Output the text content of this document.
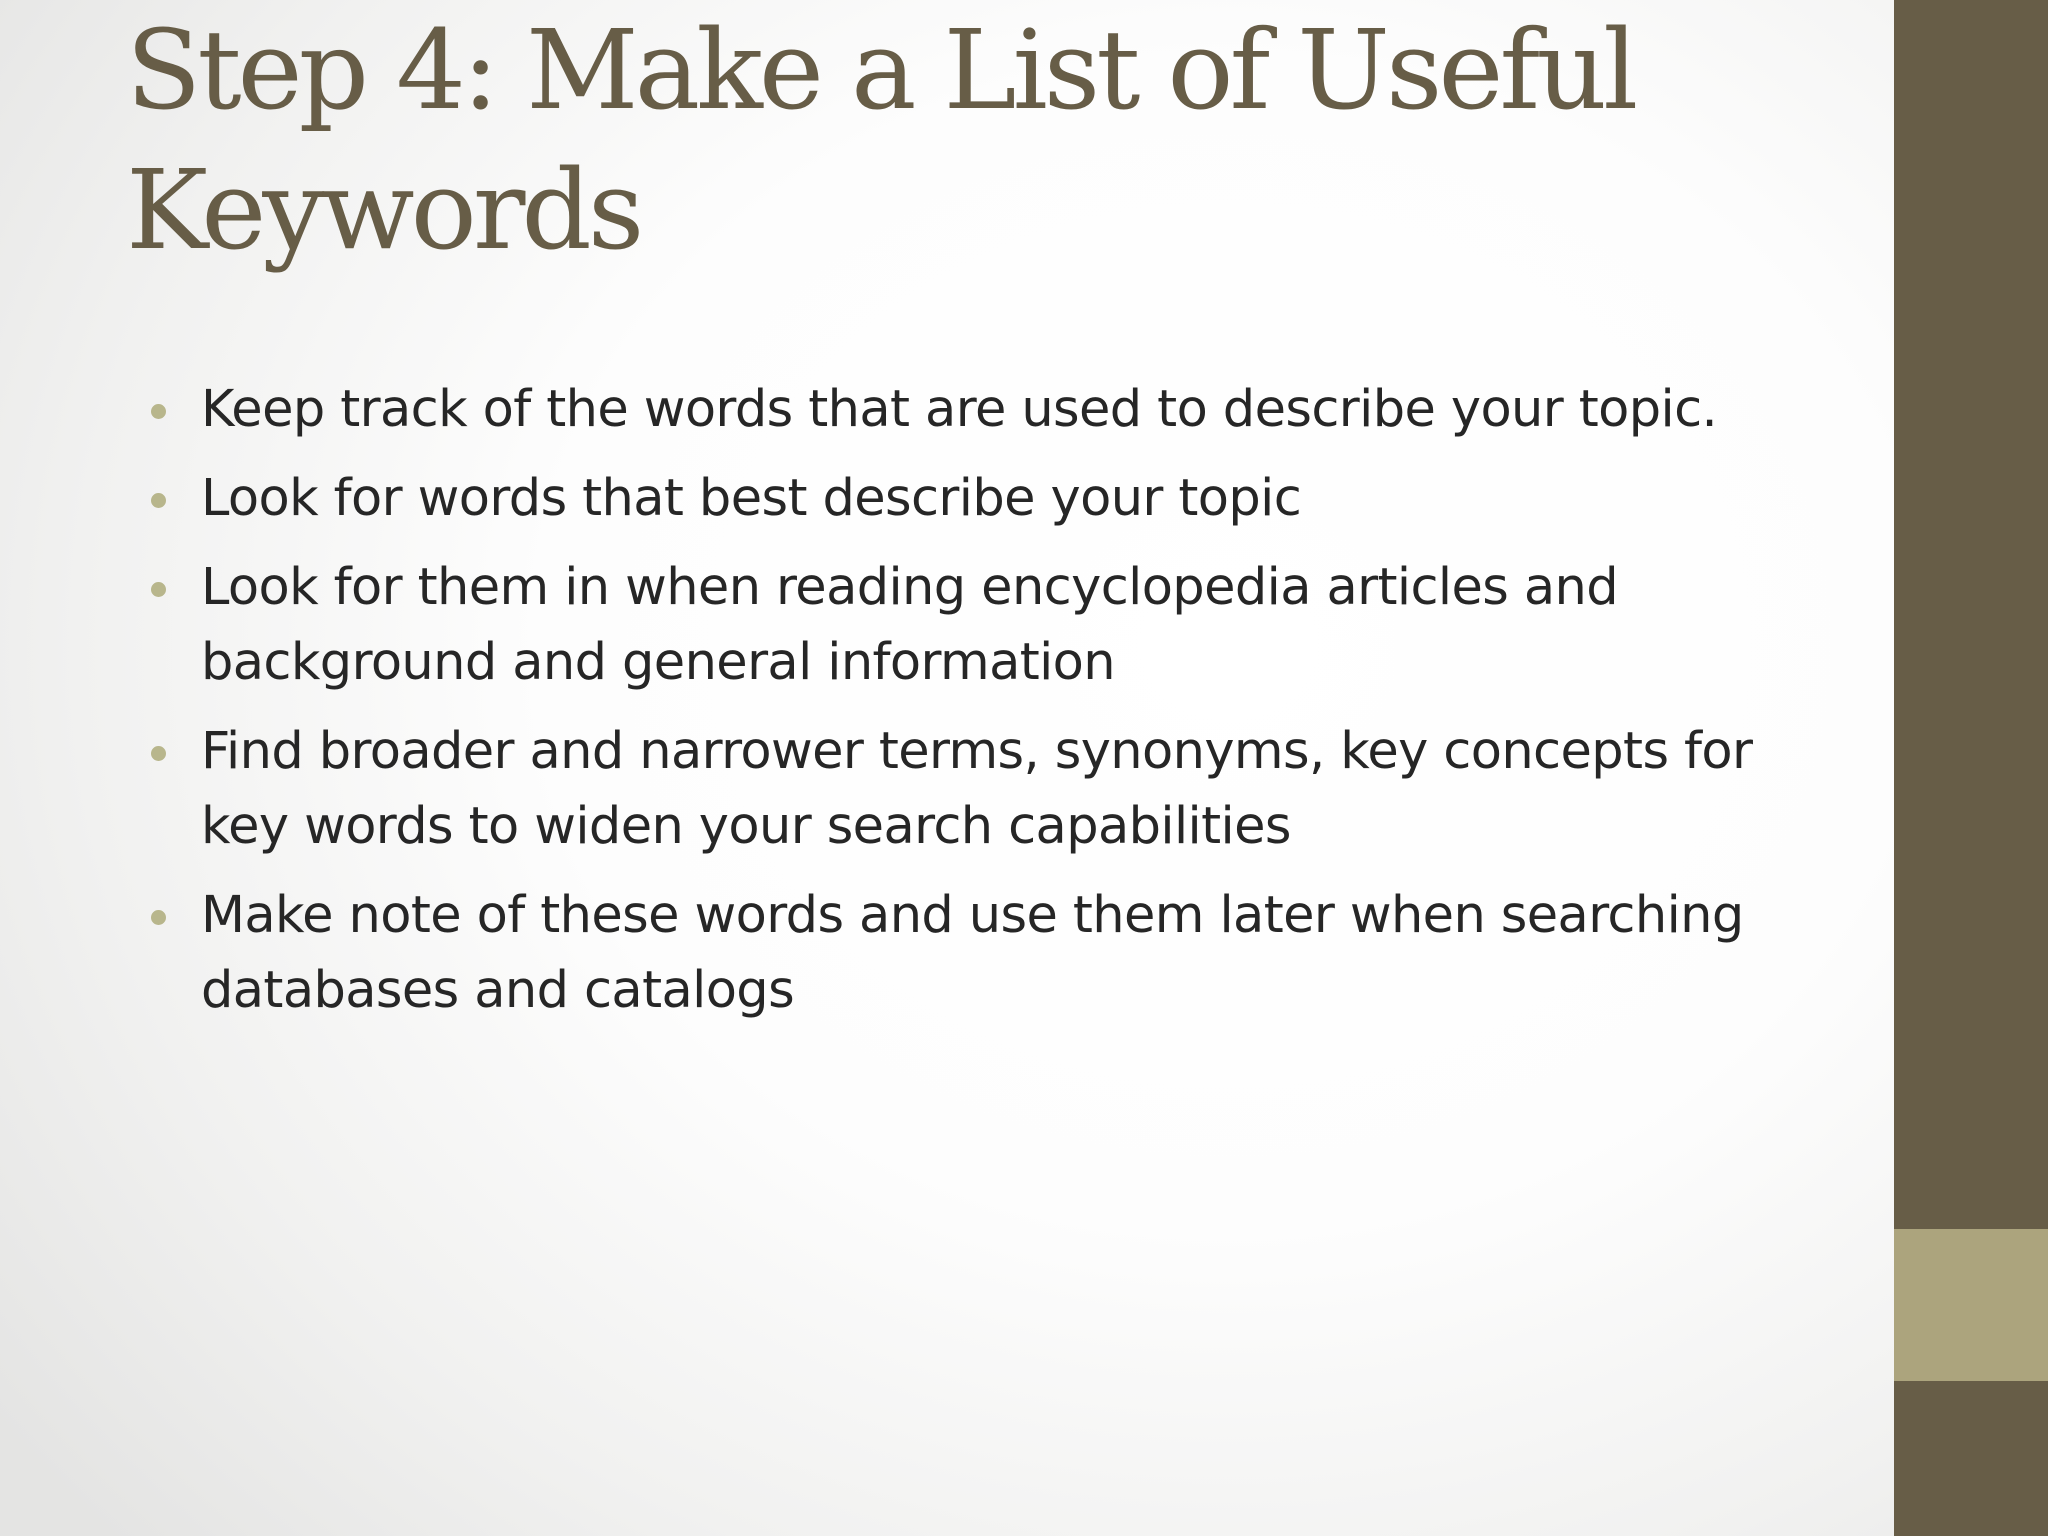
Step 4: Make a List of Useful Keywords
Keep track of the words that are used to describe your topic.
Look for words that best describe your topic
Look for them in when reading encyclopedia articles and background and general information
Find broader and narrower terms, synonyms, key concepts for key words to widen your search capabilities
Make note of these words and use them later when searching databases and catalogs
